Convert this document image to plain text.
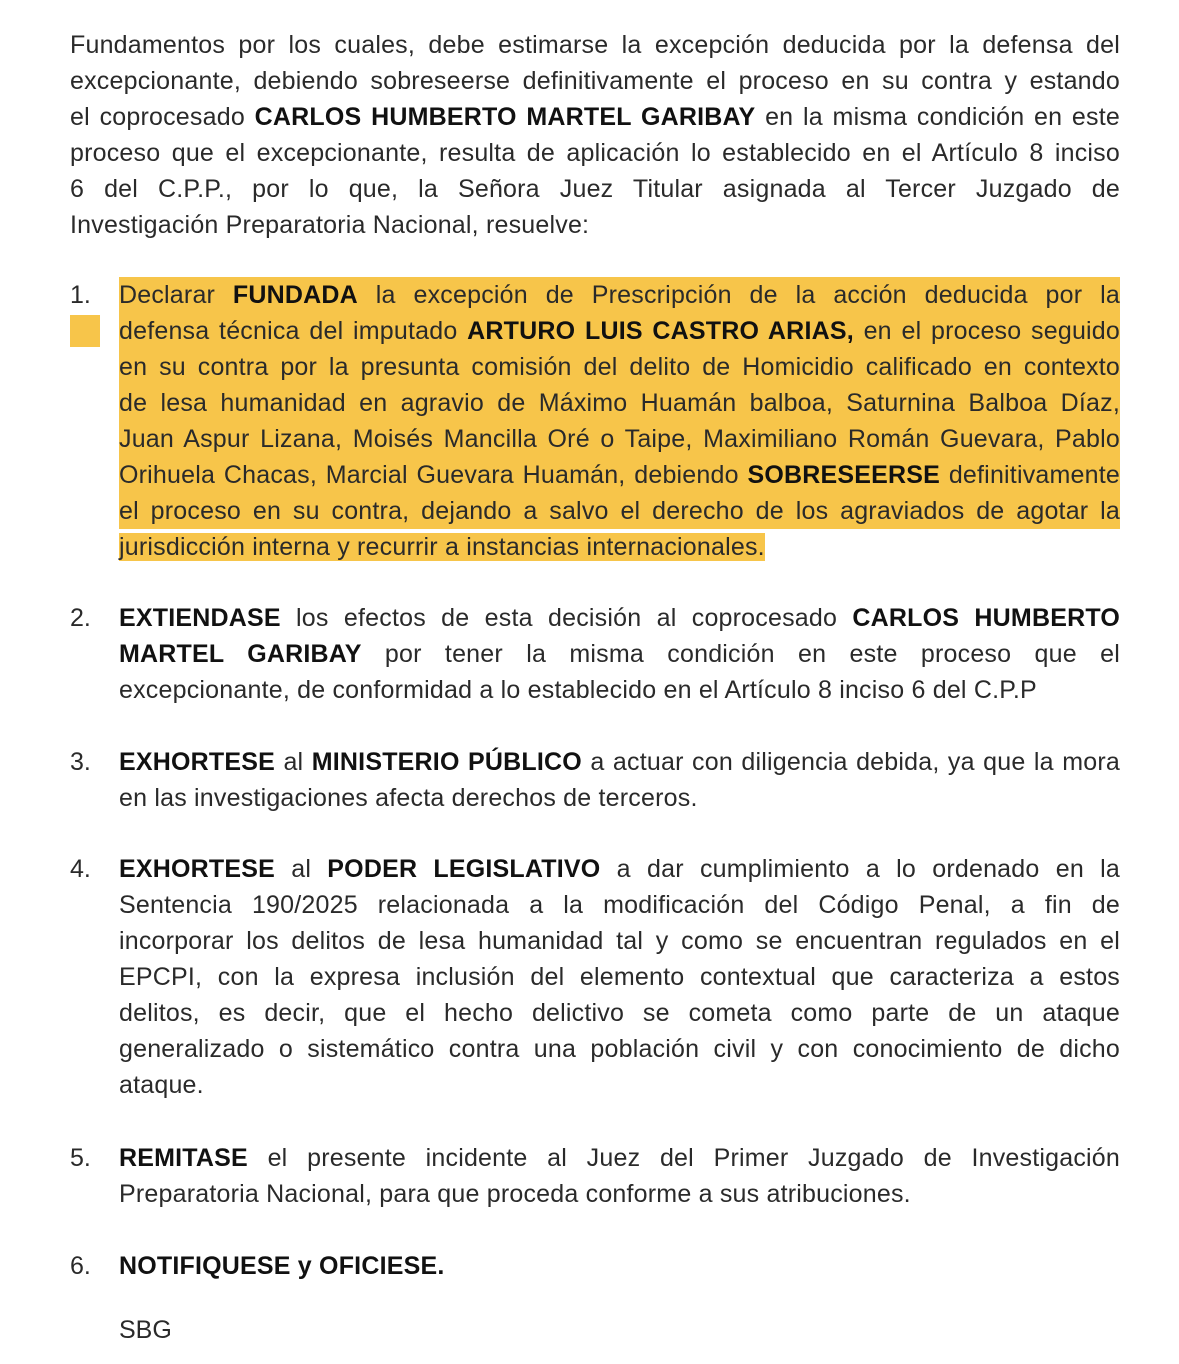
Fundamentos por los cuales, debe estimarse la excepción deducida por la defensa del
excepcionante, debiendo sobreseerse definitivamente el proceso en su contra y estando
el coprocesado CARLOS HUMBERTO MARTEL GARIBAY en la misma condición en este
proceso que el excepcionante, resulta de aplicación lo establecido en el Artículo 8 inciso
6 del C.P.P., por lo que, la Señora Juez Titular asignada al Tercer Juzgado de
Investigación Preparatoria Nacional, resuelve:
1.	Declarar FUNDADA la excepción de Prescripción de la acción deducida por la
defensa técnica del imputado ARTURO LUIS CASTRO ARIAS, en el proceso seguido
en su contra por la presunta comisión del delito de Homicidio calificado en contexto
de lesa humanidad en agravio de Máximo Huamán balboa, Saturnina Balboa Díaz,
Juan Aspur Lizana, Moisés Mancilla Oré o Taipe, Maximiliano Román Guevara, Pablo
Orihuela Chacas, Marcial Guevara Huamán, debiendo SOBRESEERSE definitivamente
el proceso en su contra, dejando a salvo el derecho de los agraviados de agotar la
jurisdicción interna y recurrir a instancias internacionales.
2.	EXTIENDASE los efectos de esta decisión al coprocesado CARLOS HUMBERTO
MARTEL GARIBAY por tener la misma condición en este proceso que el
excepcionante, de conformidad a lo establecido en el Artículo 8 inciso 6 del C.P.P
3.	EXHORTESE al MINISTERIO PÚBLICO a actuar con diligencia debida, ya que la mora
en las investigaciones afecta derechos de terceros.
4.	EXHORTESE al PODER LEGISLATIVO a dar cumplimiento a lo ordenado en la
Sentencia 190/2025 relacionada a la modificación del Código Penal, a fin de
incorporar los delitos de lesa humanidad tal y como se encuentran regulados en el
EPCPI, con la expresa inclusión del elemento contextual que caracteriza a estos
delitos, es decir, que el hecho delictivo se cometa como parte de un ataque
generalizado o sistemático contra una población civil y con conocimiento de dicho
ataque.
5.	REMITASE el presente incidente al Juez del Primer Juzgado de Investigación
Preparatoria Nacional, para que proceda conforme a sus atribuciones.
6.	NOTIFIQUESE y OFICIESE.
SBG
